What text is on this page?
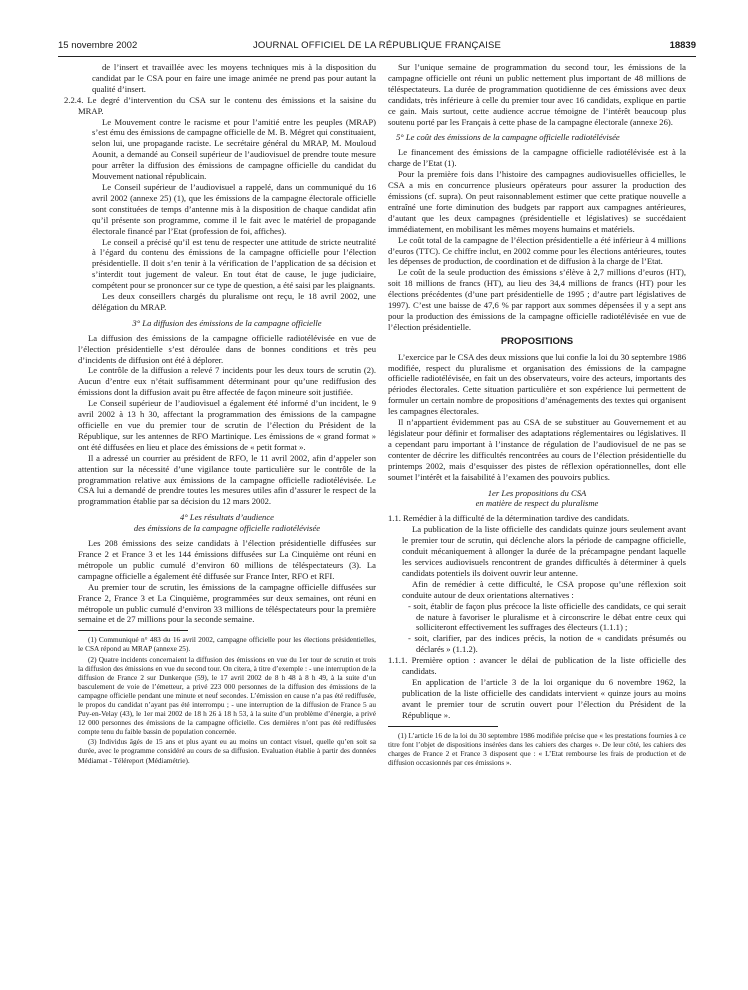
15 novembre 2002	JOURNAL OFFICIEL DE LA RÉPUBLIQUE FRANÇAISE	18839

de l’insert et travaillée avec les moyens techniques mis à la disposition du candidat par le CSA pour en faire une image animée ne prend pas pour autant la qualité d’insert.

2.2.4. Le degré d’intervention du CSA sur le contenu des émissions et la saisine du MRAP.

Le Mouvement contre le racisme et pour l’amitié entre les peuples (MRAP) s’est ému des émissions de campagne officielle de M. B. Mégret qui constituaient, selon lui, une propagande raciste. Le secrétaire général du MRAP, M. Mouloud Aounit, a demandé au Conseil supérieur de l’audiovisuel de prendre toute mesure pour arrêter la diffusion des émissions de campagne officielle du candidat du Mouvement national républicain.

Le Conseil supérieur de l’audiovisuel a rappelé, dans un communiqué du 16 avril 2002 (annexe 25) (1), que les émissions de la campagne électorale officielle sont constituées de temps d’antenne mis à la disposition de chaque candidat afin qu’il présente son programme, comme il le fait avec le matériel de propagande électorale financé par l’Etat (profession de foi, affiches).

Le conseil a précisé qu’il est tenu de respecter une attitude de stricte neutralité à l’égard du contenu des émissions de la campagne officielle pour l’élection présidentielle. Il doit s’en tenir à la vérification de l’application de sa décision et s’interdit tout jugement de valeur. En tout état de cause, le juge judiciaire, compétent pour se prononcer sur ce type de question, a été saisi par les plaignants.

Les deux conseillers chargés du pluralisme ont reçu, le 18 avril 2002, une délégation du MRAP.

3° La diffusion des émissions de la campagne officielle

La diffusion des émissions de la campagne officielle radiotélévisée en vue de l’élection présidentielle s’est déroulée dans de bonnes conditions et très peu d’incidents de diffusion ont été à déplorer.

Le contrôle de la diffusion a relevé 7 incidents pour les deux tours de scrutin (2). Aucun d’entre eux n’était suffisamment déterminant pour qu’une rediffusion des émissions dont la diffusion avait pu être affectée de façon mineure soit justifiée.

Le Conseil supérieur de l’audiovisuel a également été informé d’un incident, le 9 avril 2002 à 13 h 30, affectant la programmation des émissions de la campagne officielle en vue du premier tour de scrutin de l’élection du Président de la République, sur les antennes de RFO Martinique. Les émissions de « grand format » ont été diffusées en lieu et place des émissions de « petit format ».

Il a adressé un courrier au président de RFO, le 11 avril 2002, afin d’appeler son attention sur la nécessité d’une vigilance toute particulière sur le contrôle de la programmation relative aux émissions de la campagne officielle radiotélévisée. Le CSA lui a demandé de prendre toutes les mesures utiles afin d’assurer le respect de la programmation établie par sa décision du 12 mars 2002.

4° Les résultats d’audience
des émissions de la campagne officielle radiotélévisée

Les 208 émissions des seize candidats à l’élection présidentielle diffusées sur France 2 et France 3 et les 144 émissions diffusées sur La Cinquième ont réuni en métropole un public cumulé d’environ 60 millions de téléspectateurs (3). La campagne officielle a également été diffusée sur France Inter, RFO et RFI.

Au premier tour de scrutin, les émissions de la campagne officielle diffusées sur France 2, France 3 et La Cinquième, programmées sur deux semaines, ont réuni en métropole un public cumulé d’environ 33 millions de téléspectateurs pour la première semaine et de 27 millions pour la seconde semaine.

(1) Communiqué n° 483 du 16 avril 2002, campagne officielle pour les élections présidentielles, le CSA répond au MRAP (annexe 25).

(2) Quatre incidents concernaient la diffusion des émissions en vue du 1er tour de scrutin et trois la diffusion des émissions en vue du second tour. On citera, à titre d’exemple : - une interruption de la diffusion de France 2 sur Dunkerque (59), le 17 avril 2002 de 8 h 48 à 8 h 49, à la suite d’un basculement de voie de l’émetteur, a privé 223 000 personnes de la diffusion des émissions de la campagne officielle pendant une minute et neuf secondes. L’émission en cause n’a pas été rediffusée, le propos du candidat n’ayant pas été interrompu ; - une interruption de la diffusion de France 5 au Puy-en-Velay (43), le 1er mai 2002 de 18 h 26 à 18 h 53, à la suite d’un problème d’énergie, a privé 12 000 personnes des émissions de la campagne officielle. Ces dernières n’ont pas été rediffusées compte tenu du faible bassin de population concernée.

(3) Individus âgés de 15 ans et plus ayant eu au moins un contact visuel, quelle qu’en soit sa durée, avec le programme considéré au cours de sa diffusion. Evaluation établie à partir des données Médiamat - Téléreport (Médiamétrie).

Sur l’unique semaine de programmation du second tour, les émissions de la campagne officielle ont réuni un public nettement plus important de 48 millions de téléspectateurs. La durée de programmation quotidienne de ces émissions avec deux candidats, très inférieure à celle du premier tour avec 16 candidats, explique en partie ce gain. Mais surtout, cette audience accrue témoigne de l’intérêt beaucoup plus soutenu porté par les Français à cette phase de la campagne électorale (annexe 26).

5° Le coût des émissions de la campagne officielle radiotélévisée

Le financement des émissions de la campagne officielle radiotélévisée est à la charge de l’Etat (1).

Pour la première fois dans l’histoire des campagnes audiovisuelles officielles, le CSA a mis en concurrence plusieurs opérateurs pour assurer la production des émissions (cf. supra). On peut raisonnablement estimer que cette pratique nouvelle a entraîné une forte diminution des budgets par rapport aux campagnes antérieures, d’autant que les deux campagnes (présidentielle et législatives) se succédaient immédiatement, en mobilisant les mêmes moyens humains et matériels.

Le coût total de la campagne de l’élection présidentielle a été inférieur à 4 millions d’euros (TTC). Ce chiffre inclut, en 2002 comme pour les élections antérieures, toutes les dépenses de production, de coordination et de diffusion à la charge de l’Etat.

Le coût de la seule production des émissions s’élève à 2,7 millions d’euros (HT), soit 18 millions de francs (HT), au lieu des 34,4 millions de francs (HT) pour les élections précédentes (d’une part présidentielle de 1995 ; d’autre part législatives de 1997). C’est une baisse de 47,6 % par rapport aux sommes dépensées il y a sept ans pour la production des émissions de la campagne officielle radiotélévisée en vue de l’élection présidentielle.

PROPOSITIONS

L’exercice par le CSA des deux missions que lui confie la loi du 30 septembre 1986 modifiée, respect du pluralisme et organisation des émissions de la campagne officielle radiotélévisée, en fait un des observateurs, voire des acteurs, importants des périodes électorales. Cette situation particulière et son expérience lui permettent de formuler un certain nombre de propositions d’aménagements des textes qui organisent les campagnes électorales.

Il n’appartient évidemment pas au CSA de se substituer au Gouvernement et au législateur pour définir et formaliser des adaptations réglementaires ou législatives. Il a cependant paru important à l’instance de régulation de l’audiovisuel de ne pas se contenter de décrire les difficultés rencontrées au cours de l’élection présidentielle du printemps 2002, mais d’esquisser des pistes de réflexion opérationnelles, dont elle soumet l’intérêt et la faisabilité à l’examen des pouvoirs publics.

1er Les propositions du CSA
en matière de respect du pluralisme

1.1. Remédier à la difficulté de la détermination tardive des candidats.

La publication de la liste officielle des candidats quinze jours seulement avant le premier tour de scrutin, qui déclenche alors la période de campagne officielle, conduit mécaniquement à allonger la durée de la précampagne pendant laquelle les services audiovisuels rencontrent de grandes difficultés à déterminer à quels candidats potentiels ils doivent ouvrir leur antenne.

Afin de remédier à cette difficulté, le CSA propose qu’une réflexion soit conduite autour de deux orientations alternatives :

- soit, établir de façon plus précoce la liste officielle des candidats, ce qui serait de nature à favoriser le pluralisme et à circonscrire le débat entre ceux qui solliciteront effectivement les suffrages des électeurs (1.1.1) ;

- soit, clarifier, par des indices précis, la notion de « candidats présumés ou déclarés » (1.1.2).

1.1.1. Première option : avancer le délai de publication de la liste officielle des candidats.

En application de l’article 3 de la loi organique du 6 novembre 1962, la publication de la liste officielle des candidats intervient « quinze jours au moins avant le premier tour de scrutin ouvert pour l’élection du Président de la République ».

(1) L’article 16 de la loi du 30 septembre 1986 modifiée précise que « les prestations fournies à ce titre font l’objet de dispositions insérées dans les cahiers des charges ». De leur côté, les cahiers des charges de France 2 et France 3 disposent que : « L’Etat rembourse les frais de production et de diffusion occasionnés par ces émissions ».
